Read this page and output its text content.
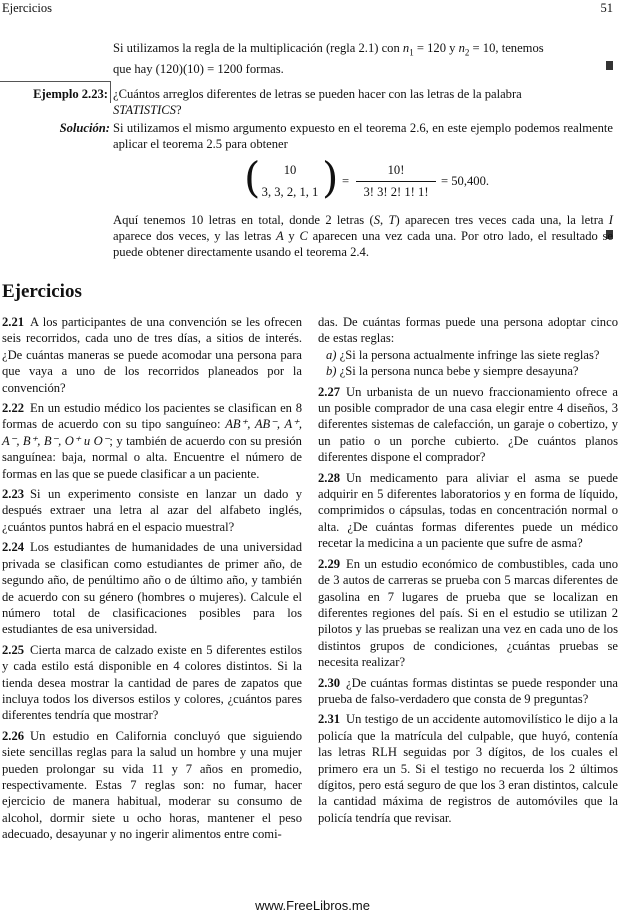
Ejercicios	51
Si utilizamos la regla de la multiplicación (regla 2.1) con $n_1 = 120$ y $n_2 = 10$, tenemos
que hay (120)(10) = 1200 formas.
Ejemplo 2.23: ¿Cuántos arreglos diferentes de letras se pueden hacer con las letras de la palabra
STATISTICS?
Solución: Si utilizamos el mismo argumento expuesto en el teorema 2.6, en este ejemplo podemos realmente aplicar el teorema 2.5 para obtener
(	10
3, 3, 2, 1, 1 ) =
10!
3! 3! 2! 1! 1!
= 50,400.
Aquí tenemos 10 letras en total, donde 2 letras (S, T) aparecen tres veces cada una, la letra I aparece dos veces, y las letras A y C aparecen una vez cada una. Por otro lado, el resultado se puede obtener directamente usando el teorema 2.4.
Ejercicios

2.21 A los participantes de una convención se les ofrecen seis recorridos, cada uno de tres días, a sitios de interés. ¿De cuántas maneras se puede acomodar una persona para que vaya a uno de los recorridos planeados por la convención?

2.22 En un estudio médico los pacientes se clasifican en 8 formas de acuerdo con su tipo sanguíneo: AB⁺, AB⁻, A⁺, A⁻, B⁺, B⁻, O⁺ u O⁻; y también de acuerdo con su presión sanguínea: baja, normal o alta. Encuentre el número de formas en las que se puede clasificar a un paciente.

2.23 Si un experimento consiste en lanzar un dado y después extraer una letra al azar del alfabeto inglés, ¿cuántos puntos habrá en el espacio muestral?

2.24 Los estudiantes de humanidades de una universidad privada se clasifican como estudiantes de primer año, de segundo año, de penúltimo año o de último año, y también de acuerdo con su género (hombres o mujeres). Calcule el número total de clasificaciones posibles para los estudiantes de esa universidad.

2.25 Cierta marca de calzado existe en 5 diferentes estilos y cada estilo está disponible en 4 colores distintos. Si la tienda desea mostrar la cantidad de pares de zapatos que incluya todos los diversos estilos y colores, ¿cuántos pares diferentes tendría que mostrar?

2.26 Un estudio en California concluyó que siguiendo siete sencillas reglas para la salud un hombre y una mujer pueden prolongar su vida 11 y 7 años en promedio, respectivamente. Estas 7 reglas son: no fumar, hacer ejercicio de manera habitual, moderar su consumo de alcohol, dormir siete u ocho horas, mantener el peso adecuado, desayunar y no ingerir alimentos entre comi-

das. De cuántas formas puede una persona adoptar cinco de estas reglas:

a) ¿Si la persona actualmente infringe las siete reglas?

b) ¿Si la persona nunca bebe y siempre desayuna?

2.27 Un urbanista de un nuevo fraccionamiento ofrece a un posible comprador de una casa elegir entre 4 diseños, 3 diferentes sistemas de calefacción, un garaje o cobertizo, y un patio o un porche cubierto. ¿De cuántos planos diferentes dispone el comprador?

2.28 Un medicamento para aliviar el asma se puede adquirir en 5 diferentes laboratorios y en forma de líquido, comprimidos o cápsulas, todas en concentración normal o alta. ¿De cuántas formas diferentes puede un médico recetar la medicina a un paciente que sufre de asma?

2.29 En un estudio económico de combustibles, cada uno de 3 autos de carreras se prueba con 5 marcas diferentes de gasolina en 7 lugares de prueba que se localizan en diferentes regiones del país. Si en el estudio se utilizan 2 pilotos y las pruebas se realizan una vez en cada uno de los distintos grupos de condiciones, ¿cuántas pruebas se necesita realizar?

2.30 ¿De cuántas formas distintas se puede responder una prueba de falso-verdadero que consta de 9 preguntas?

2.31 Un testigo de un accidente automovilístico le dijo a la policía que la matrícula del culpable, que huyó, contenía las letras RLH seguidas por 3 dígitos, de los cuales el primero era un 5. Si el testigo no recuerda los 2 últimos dígitos, pero está seguro de que los 3 eran distintos, calcule la cantidad máxima de registros de automóviles que la policía tendría que revisar.

www.FreeLibros.me
